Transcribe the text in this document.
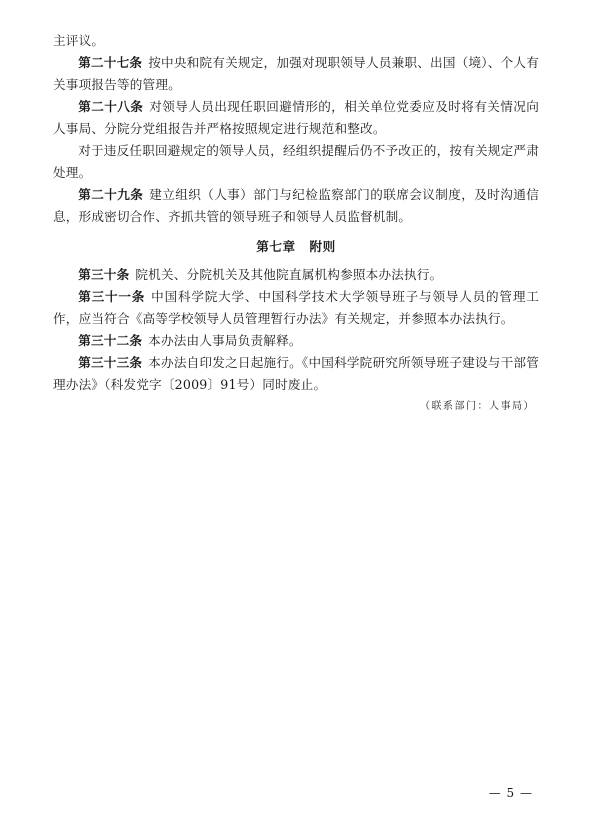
主评议。

第二十七条 按中央和院有关规定，加强对现职领导人员兼职、出国（境）、个人有关事项报告等的管理。

第二十八条 对领导人员出现任职回避情形的，相关单位党委应及时将有关情况向人事局、分院分党组报告并严格按照规定进行规范和整改。

对于违反任职回避规定的领导人员，经组织提醒后仍不予改正的，按有关规定严肃处理。

第二十九条 建立组织（人事）部门与纪检监察部门的联席会议制度，及时沟通信息，形成密切合作、齐抓共管的领导班子和领导人员监督机制。

第七章 附则

第三十条 院机关、分院机关及其他院直属机构参照本办法执行。

第三十一条 中国科学院大学、中国科学技术大学领导班子与领导人员的管理工作，应当符合《高等学校领导人员管理暂行办法》有关规定，并参照本办法执行。

第三十二条 本办法由人事局负责解释。

第三十三条 本办法自印发之日起施行。《中国科学院研究所领导班子建设与干部管理办法》（科发党字〔2009〕91号）同时废止。

（联系部门：人事局）
— 5 —
